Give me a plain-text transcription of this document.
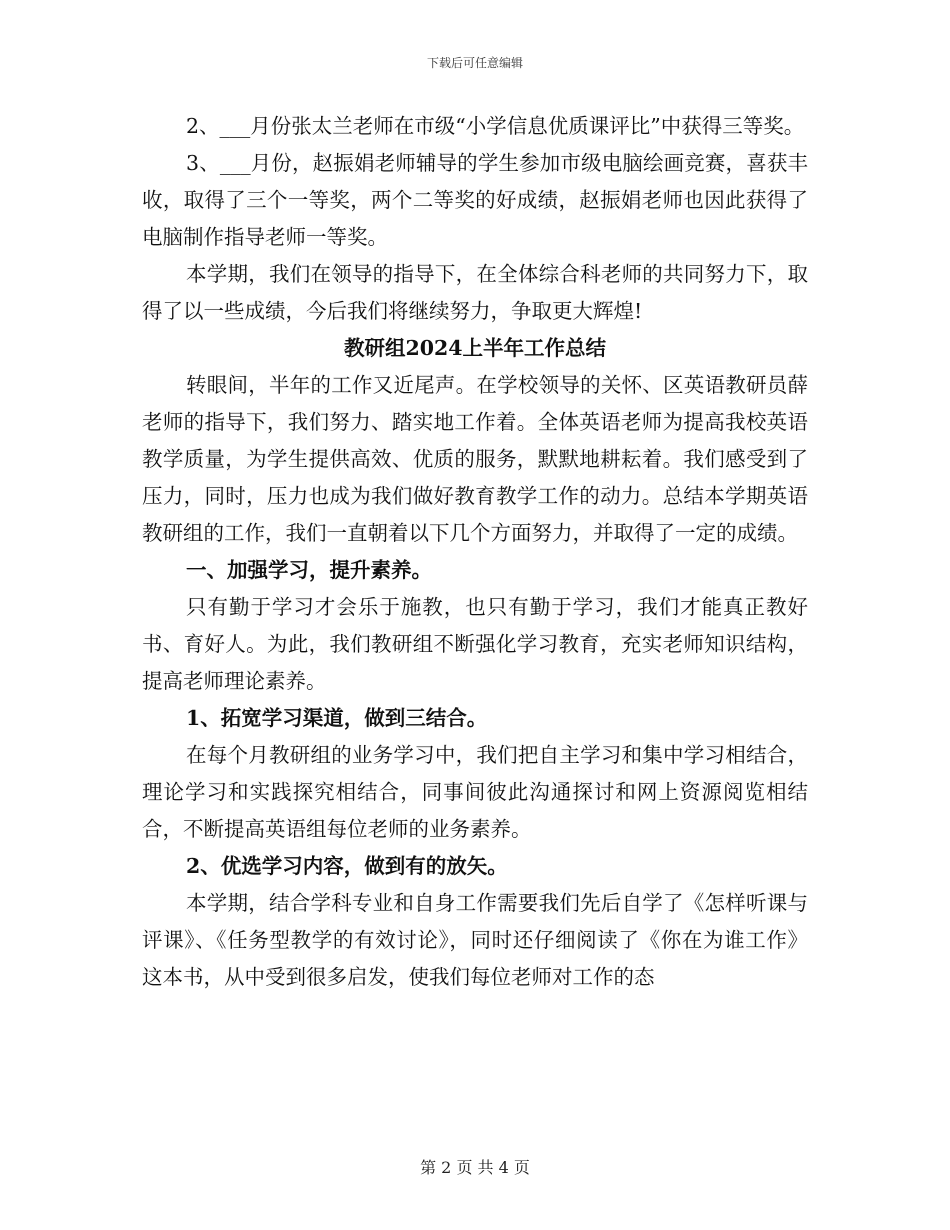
下载后可任意编辑

2、___月份张太兰老师在市级“小学信息优质课评比”中获得三等奖。

3、___月份，赵振娟老师辅导的学生参加市级电脑绘画竞赛，喜获丰收，取得了三个一等奖，两个二等奖的好成绩，赵振娟老师也因此获得了电脑制作指导老师一等奖。

本学期，我们在领导的指导下，在全体综合科老师的共同努力下，取得了以一些成绩，今后我们将继续努力，争取更大辉煌!

教研组2024上半年工作总结

转眼间，半年的工作又近尾声。在学校领导的关怀、区英语教研员薛老师的指导下，我们努力、踏实地工作着。全体英语老师为提高我校英语教学质量，为学生提供高效、优质的服务，默默地耕耘着。我们感受到了压力，同时，压力也成为我们做好教育教学工作的动力。总结本学期英语教研组的工作，我们一直朝着以下几个方面努力，并取得了一定的成绩。

一、加强学习，提升素养。

只有勤于学习才会乐于施教，也只有勤于学习，我们才能真正教好书、育好人。为此，我们教研组不断强化学习教育，充实老师知识结构，提高老师理论素养。

1、拓宽学习渠道，做到三结合。

在每个月教研组的业务学习中，我们把自主学习和集中学习相结合，理论学习和实践探究相结合，同事间彼此沟通探讨和网上资源阅览相结合，不断提高英语组每位老师的业务素养。

2、优选学习内容，做到有的放矢。

本学期，结合学科专业和自身工作需要我们先后自学了《怎样听课与评课》、《任务型教学的有效讨论》，同时还仔细阅读了《你在为谁工作》这本书，从中受到很多启发，使我们每位老师对工作的态

第 2 页 共 4 页
